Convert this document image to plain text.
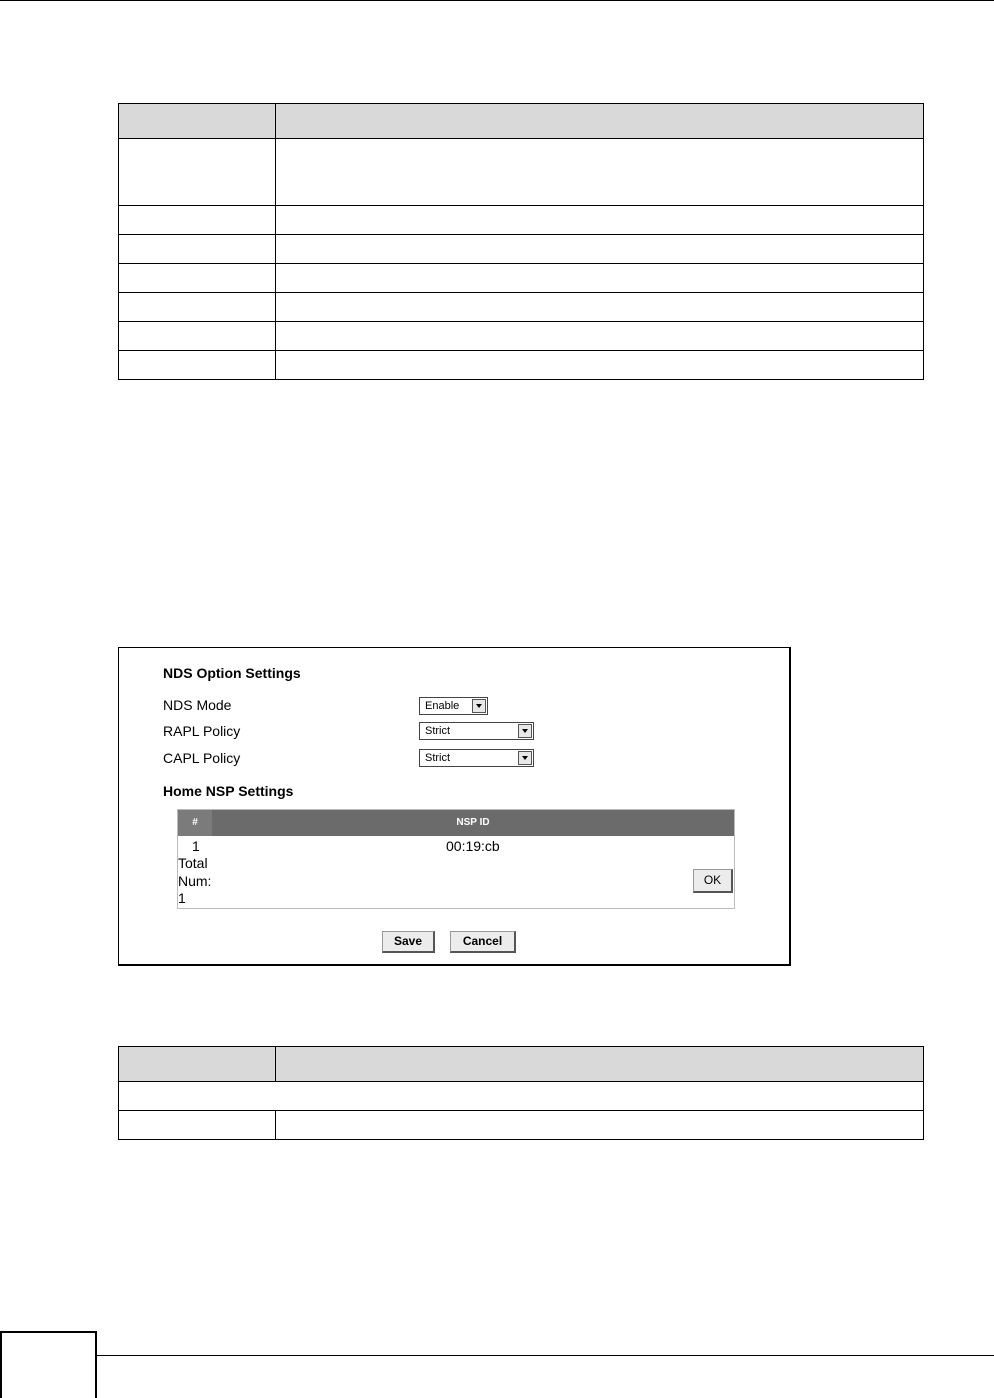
NDS Option Settings
NDS Mode	Enable
RAPL Policy	Strict
CAPL Policy	Strict
Home NSP Settings
#	NSP ID
1	00:19:cb
Total
Num:
1
OK
Save	Cancel
